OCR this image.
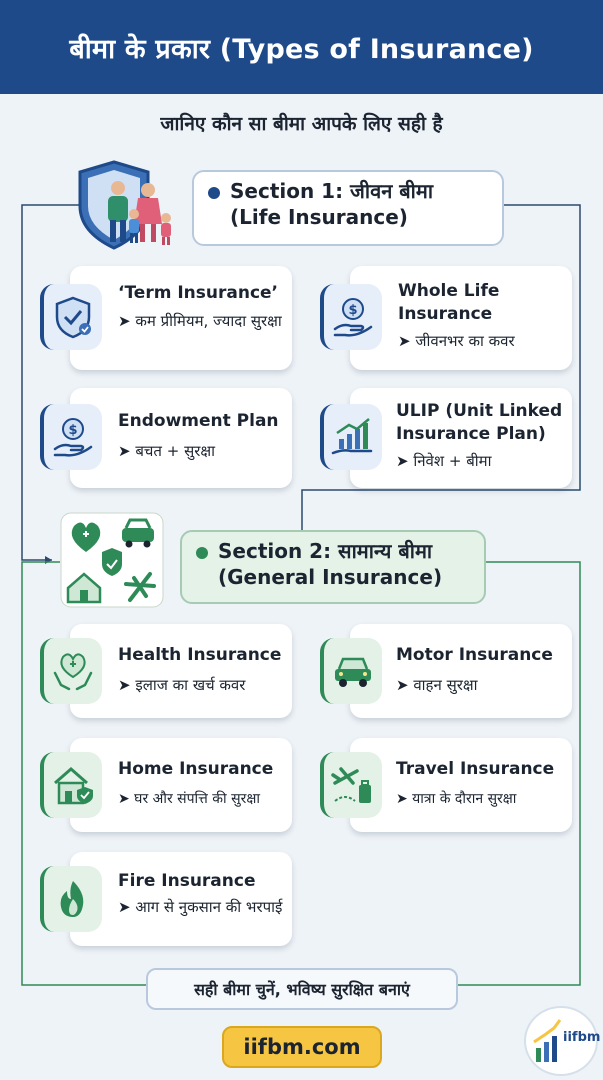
बीमा के प्रकार (Types of Insurance)
जानिए कौन सा बीमा आपके लिए सही है
Section 1: जीवन बीमा
(Life Insurance)
‘Term Insurance’
➤ कम प्रीमियम, ज्यादा सुरक्षा
Whole Life Insurance
➤ जीवनभर का कवर
$
Endowment Plan
➤ बचत + सुरक्षा
$
ULIP (Unit Linked Insurance Plan)
➤ निवेश + बीमा
Section 2: सामान्य बीमा
(General Insurance)
Health Insurance
➤ इलाज का खर्च कवर
Motor Insurance
➤ वाहन सुरक्षा
Home Insurance
➤ घर और संपत्ति की सुरक्षा
Travel Insurance
➤ यात्रा के दौरान सुरक्षा
Fire Insurance
➤ आग से नुकसान की भरपाई
सही बीमा चुनें, भविष्य सुरक्षित बनाएं
iifbm.com	iifbm
